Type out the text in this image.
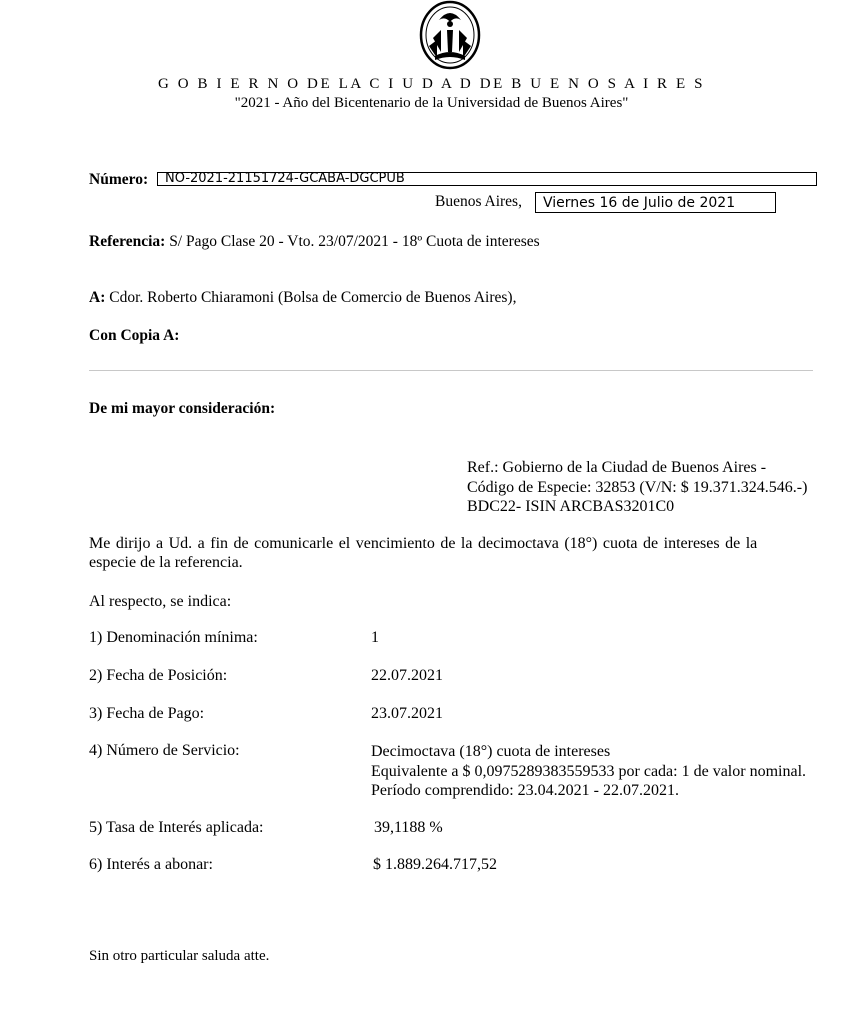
G O B I E R N O DE LA C I U D A D DE B U E N O S A I R E S
"2021 - Año del Bicentenario de la Universidad de Buenos Aires"
Número:	NO-2021-21151724-GCABA-DGCPUB
Buenos Aires,	Viernes 16 de Julio de 2021
Referencia: S/ Pago Clase 20 - Vto. 23/07/2021 - 18º Cuota de intereses
A: Cdor. Roberto Chiaramoni (Bolsa de Comercio de Buenos Aires),
Con Copia A:
De mi mayor consideración:
Ref.: Gobierno de la Ciudad de Buenos Aires -
Código de Especie: 32853 (V/N: $ 19.371.324.546.-)
BDC22- ISIN ARCBAS3201C0
Me dirijo a Ud. a fin de comunicarle el vencimiento de la decimoctava (18°) cuota de intereses de la
especie de la referencia.
Al respecto, se indica:
1) Denominación mínima:	1
2) Fecha de Posición:	22.07.2021
3) Fecha de Pago:	23.07.2021
4) Número de Servicio:	Decimoctava (18°) cuota de intereses
Equivalente a $ 0,0975289383559533 por cada: 1 de valor nominal.
Período comprendido: 23.04.2021 - 22.07.2021.
5) Tasa de Interés aplicada:	39,1188 %
6) Interés a abonar:	$ 1.889.264.717,52
Sin otro particular saluda atte.
